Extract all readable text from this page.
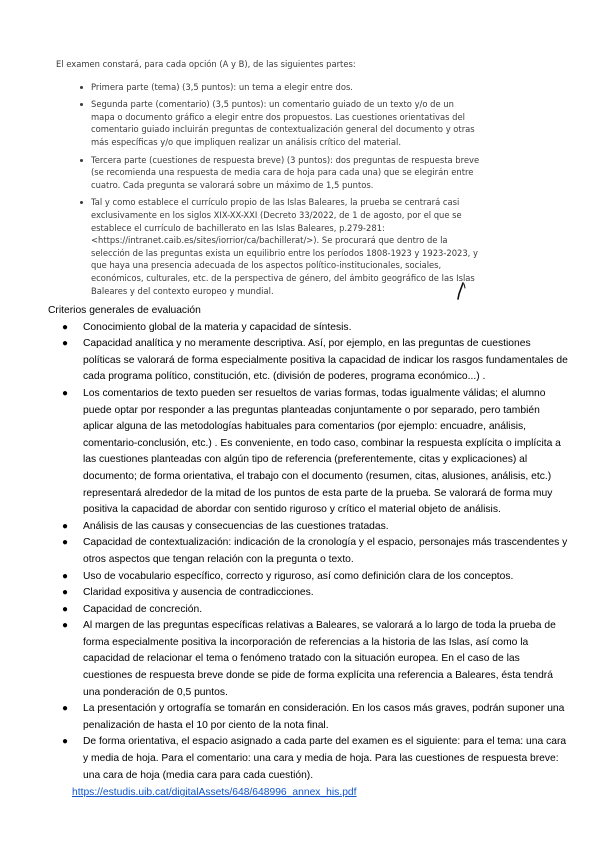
El examen constará, para cada opción (A y B), de las siguientes partes:
Primera parte (tema) (3,5 puntos): un tema a elegir entre dos.
Segunda parte (comentario) (3,5 puntos): un comentario guiado de un texto y/o de un mapa o documento gráfico a elegir entre dos propuestos. Las cuestiones orientativas del comentario guiado incluirán preguntas de contextualización general del documento y otras más específicas y/o que impliquen realizar un análisis crítico del material.
Tercera parte (cuestiones de respuesta breve) (3 puntos): dos preguntas de respuesta breve (se recomienda una respuesta de media cara de hoja para cada una) que se elegirán entre cuatro. Cada pregunta se valorará sobre un máximo de 1,5 puntos.
Tal y como establece el currículo propio de las Islas Baleares, la prueba se centrará casi exclusivamente en los siglos XIX-XX-XXI (Decreto 33/2022, de 1 de agosto, por el que se establece el currículo de bachillerato en las Islas Baleares, p.279-281: <https://intranet.caib.es/sites/iorrior/ca/bachillerat/>). Se procurará que dentro de la selección de las preguntas exista un equilibrio entre los períodos 1808-1923 y 1923-2023, y que haya una presencia adecuada de los aspectos político-institucionales, sociales, económicos, culturales, etc. de la perspectiva de género, del ámbito geográfico de las Islas Baleares y del contexto europeo y mundial.
Criterios generales de evaluación
● Conocimiento global de la materia y capacidad de síntesis.
● Capacidad analítica y no meramente descriptiva. Así, por ejemplo, en las preguntas de cuestiones políticas se valorará de forma especialmente positiva la capacidad de indicar los rasgos fundamentales de cada programa político, constitución, etc. (división de poderes, programa económico...) .
● Los comentarios de texto pueden ser resueltos de varias formas, todas igualmente válidas; el alumno puede optar por responder a las preguntas planteadas conjuntamente o por separado, pero también aplicar alguna de las metodologías habituales para comentarios (por ejemplo: encuadre, análisis, comentario-conclusión, etc.) . Es conveniente, en todo caso, combinar la respuesta explícita o implícita a las cuestiones planteadas con algún tipo de referencia (preferentemente, citas y explicaciones) al documento; de forma orientativa, el trabajo con el documento (resumen, citas, alusiones, análisis, etc.) representará alrededor de la mitad de los puntos de esta parte de la prueba. Se valorará de forma muy positiva la capacidad de abordar con sentido riguroso y crítico el material objeto de análisis.
● Análisis de las causas y consecuencias de las cuestiones tratadas.
● Capacidad de contextualización: indicación de la cronología y el espacio, personajes más trascendentes y otros aspectos que tengan relación con la pregunta o texto.
● Uso de vocabulario específico, correcto y riguroso, así como definición clara de los conceptos.
● Claridad expositiva y ausencia de contradicciones.
● Capacidad de concreción.
● Al margen de las preguntas específicas relativas a Baleares, se valorará a lo largo de toda la prueba de forma especialmente positiva la incorporación de referencias a la historia de las Islas, así como la capacidad de relacionar el tema o fenómeno tratado con la situación europea. En el caso de las cuestiones de respuesta breve donde se pide de forma explícita una referencia a Baleares, ésta tendrá una ponderación de 0,5 puntos.
● La presentación y ortografía se tomarán en consideración. En los casos más graves, podrán suponer una penalización de hasta el 10 por ciento de la nota final.
● De forma orientativa, el espacio asignado a cada parte del examen es el siguiente: para el tema: una cara y media de hoja. Para el comentario: una cara y media de hoja. Para las cuestiones de respuesta breve: una cara de hoja (media cara para cada cuestión).
https://estudis.uib.cat/digitalAssets/648/648996_annex_his.pdf
